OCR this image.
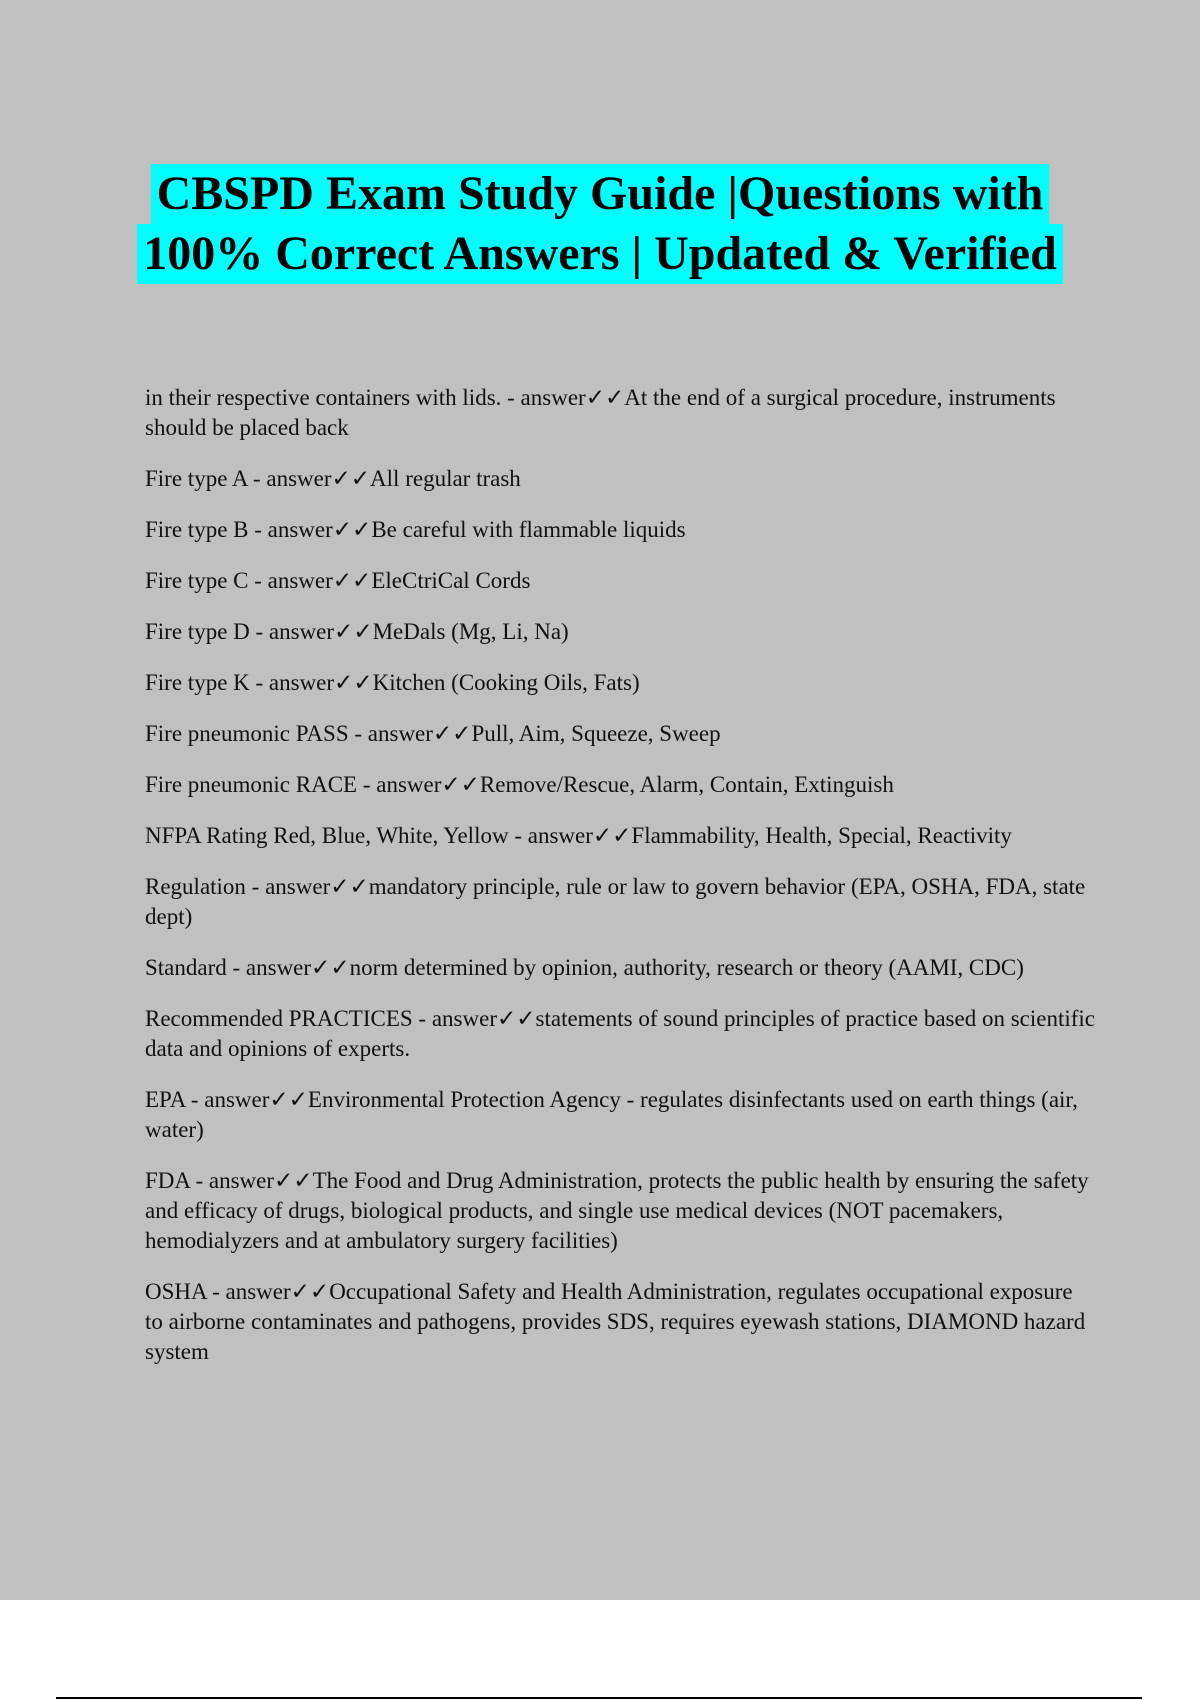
CBSPD Exam Study Guide |Questions with
100% Correct Answers | Updated & Verified

in their respective containers with lids. - answer✓✓At the end of a surgical procedure, instruments should be placed back

Fire type A - answer✓✓All regular trash

Fire type B - answer✓✓Be careful with flammable liquids

Fire type C - answer✓✓EleCtriCal Cords

Fire type D - answer✓✓MeDals (Mg, Li, Na)

Fire type K - answer✓✓Kitchen (Cooking Oils, Fats)

Fire pneumonic PASS - answer✓✓Pull, Aim, Squeeze, Sweep

Fire pneumonic RACE - answer✓✓Remove/Rescue, Alarm, Contain, Extinguish

NFPA Rating Red, Blue, White, Yellow - answer✓✓Flammability, Health, Special, Reactivity

Regulation - answer✓✓mandatory principle, rule or law to govern behavior (EPA, OSHA, FDA, state dept)

Standard - answer✓✓norm determined by opinion, authority, research or theory (AAMI, CDC)

Recommended PRACTICES - answer✓✓statements of sound principles of practice based on scientific data and opinions of experts.

EPA - answer✓✓Environmental Protection Agency - regulates disinfectants used on earth things (air, water)

FDA - answer✓✓The Food and Drug Administration, protects the public health by ensuring the safety and efficacy of drugs, biological products, and single use medical devices (NOT pacemakers, hemodialyzers and at ambulatory surgery facilities)

OSHA - answer✓✓Occupational Safety and Health Administration, regulates occupational exposure to airborne contaminates and pathogens, provides SDS, requires eyewash stations, DIAMOND hazard system
